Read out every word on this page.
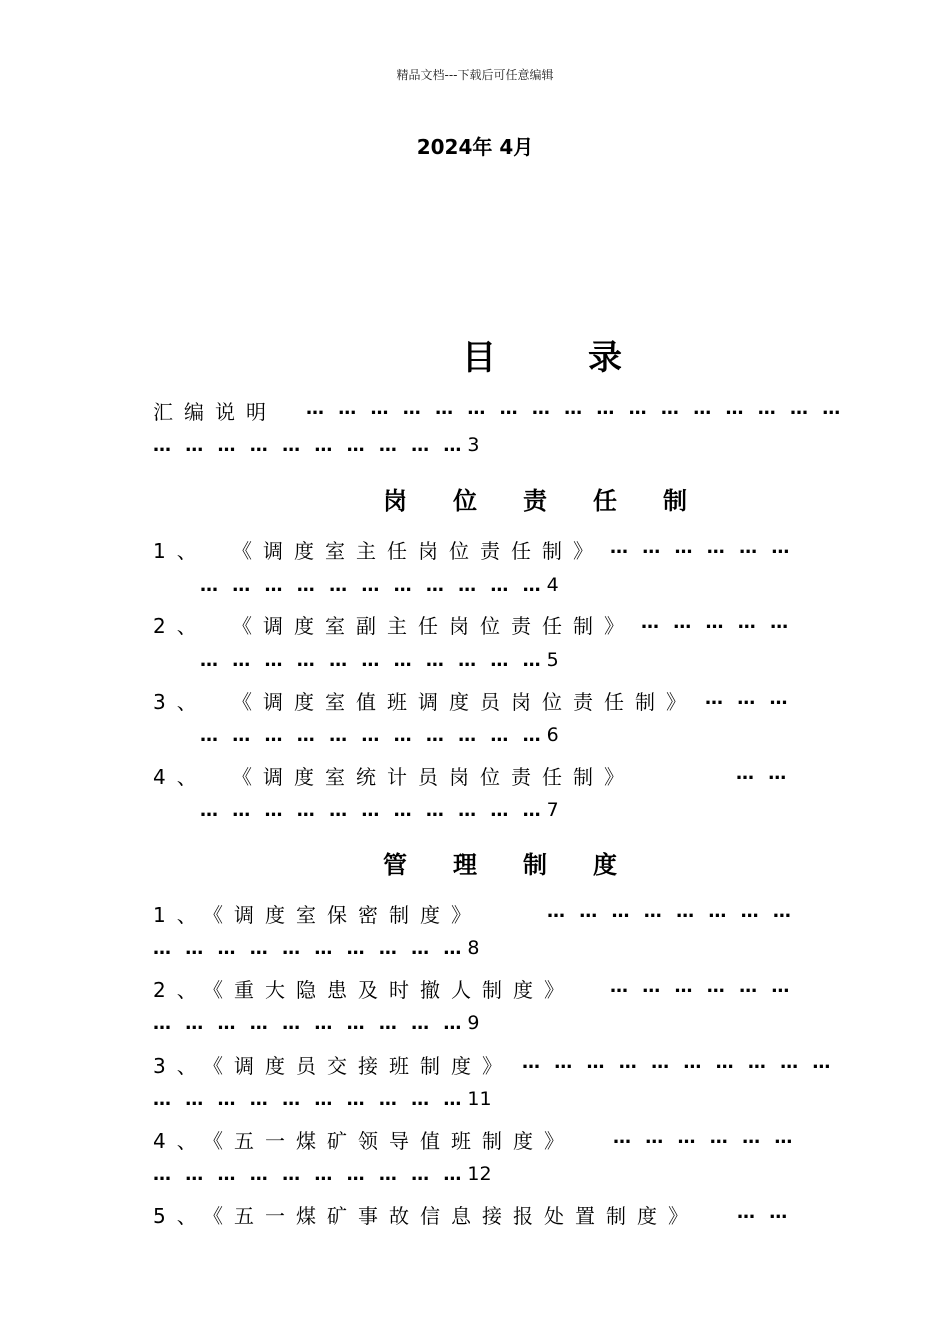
精品文档---下载后可任意编辑
2024年 4月
目录
汇编说明 … … … … … … … … … … … … … … … … …
… … … … … … … … … … 3
岗位责任制
1、 《调度室主任岗位责任制》 … … … … … …
… … … … … … … … … … … 4
2、 《调度室副主任岗位责任制》 … … … … …
… … … … … … … … … … … 5
3、 《调度室值班调度员岗位责任制》 … … …
… … … … … … … … … … … 6
4、 《调度室统计员岗位责任制》	… …
… … … … … … … … … … … 7
管理制度
1、
《调度室保密制度》	… … … … … … … …
… … … … … … … … … … 8
2、
《重大隐患及时撤人制度》 … … … … … …
… … … … … … … … … … 9
3、
《调度员交接班制度》 … … … … … … … … … …
… … … … … … … … … … 11
4、
《五一煤矿领导值班制度》 … … … … … …
… … … … … … … … … … 12
5、
《五一煤矿事故信息接报处置制度》 … …
